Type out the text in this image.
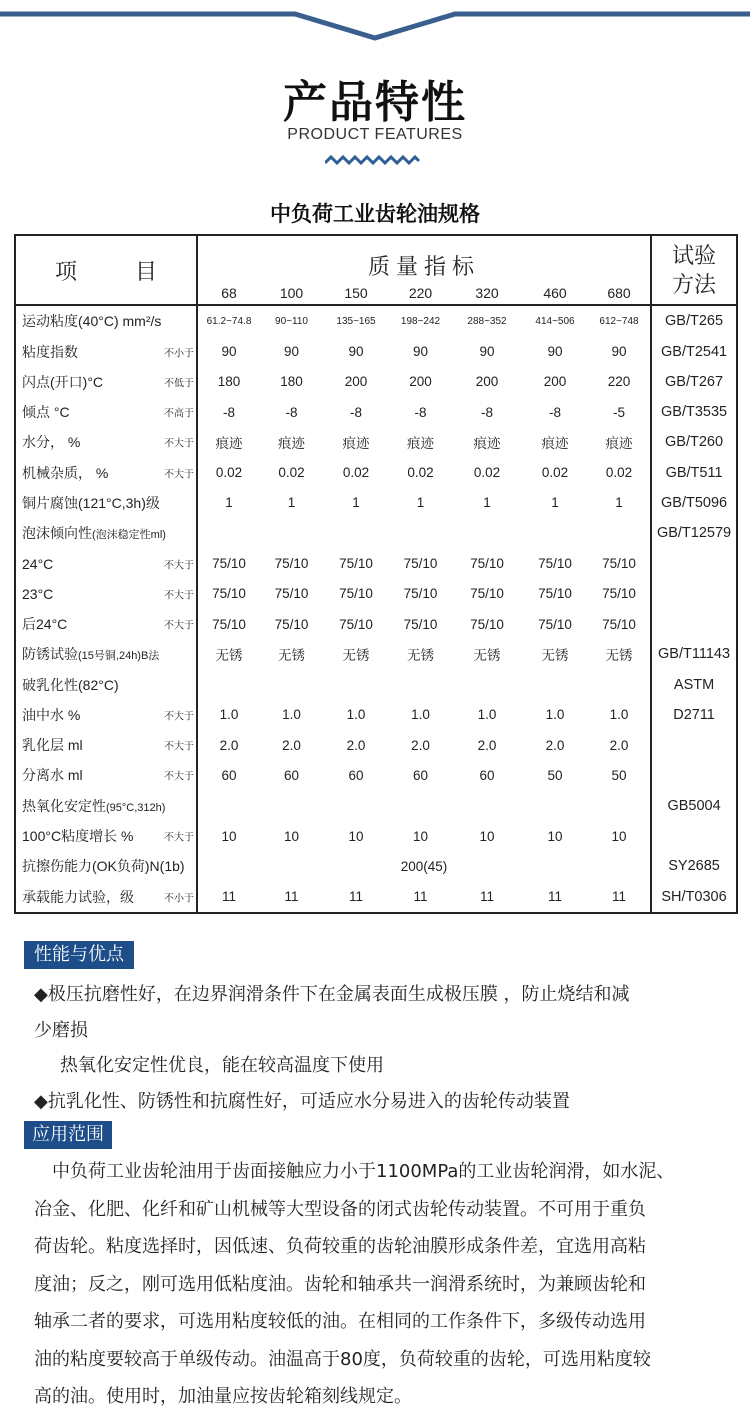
产品特性
PRODUCT FEATURES
中负荷工业齿轮油规格
项　目	质量指标							试验方法
	68	100	150	220	320	460	680	
运动粘度(40°C) mm²/s	61.2~74.8	90~110	135~165	198~242	288~352	414~506	612~748	GB/T265
粘度指数 不小于	90	90	90	90	90	90	90	GB/T2541
闪点(开口)°C 不低于	180	180	200	200	200	200	220	GB/T267
倾点 °C 不高于	-8	-8	-8	-8	-8	-8	-5	GB/T3535
水分， % 不大于	痕迹	痕迹	痕迹	痕迹	痕迹	痕迹	痕迹	GB/T260
机械杂质， % 不大于	0.02	0.02	0.02	0.02	0.02	0.02	0.02	GB/T511
铜片腐蚀(121°C,3h)级	1	1	1	1	1	1	1	GB/T5096
泡沫倾向性(泡沫稳定性ml)								GB/T12579
24°C 不大于	75/10	75/10	75/10	75/10	75/10	75/10	75/10	
23°C 不大于	75/10	75/10	75/10	75/10	75/10	75/10	75/10	
后24°C 不大于	75/10	75/10	75/10	75/10	75/10	75/10	75/10	
防锈试验(15号铜,24h)B法	无锈	无锈	无锈	无锈	无锈	无锈	无锈	GB/T11143
破乳化性(82°C)								ASTM
油中水 % 不大于	1.0	1.0	1.0	1.0	1.0	1.0	1.0	D2711
乳化层 ml 不大于	2.0	2.0	2.0	2.0	2.0	2.0	2.0	
分离水 ml 不大于	60	60	60	60	60	50	50	
热氧化安定性(95°C,312h)								GB5004
100°C粘度增长 % 不大于	10	10	10	10	10	10	10	
抗擦伤能力(OK负荷)N(1b)	200(45)							SY2685
承载能力试验，级 不小于	11	11	11	11	11	11	11	SH/T0306
性能与优点
◆极压抗磨性好，在边界润滑条件下在金属表面生成极压膜 ，防止烧结和减
少磨损
热氧化安定性优良，能在较高温度下使用
◆抗乳化性、防锈性和抗腐性好，可适应水分易进入的齿轮传动装置
应用范围
中负荷工业齿轮油用于齿面接触应力小于1100MPa的工业齿轮润滑，如水泥、
冶金、化肥、化纤和矿山机械等大型设备的闭式齿轮传动装置。不可用于重负
荷齿轮。粘度选择时，因低速、负荷较重的齿轮油膜形成条件差，宜选用高粘
度油；反之，刚可选用低粘度油。齿轮和轴承共一润滑系统时，为兼顾齿轮和
轴承二者的要求，可选用粘度较低的油。在相同的工作条件下，多级传动选用
油的粘度要较高于单级传动。油温高于80度，负荷较重的齿轮，可选用粘度较
高的油。使用时，加油量应按齿轮箱刻线规定。
